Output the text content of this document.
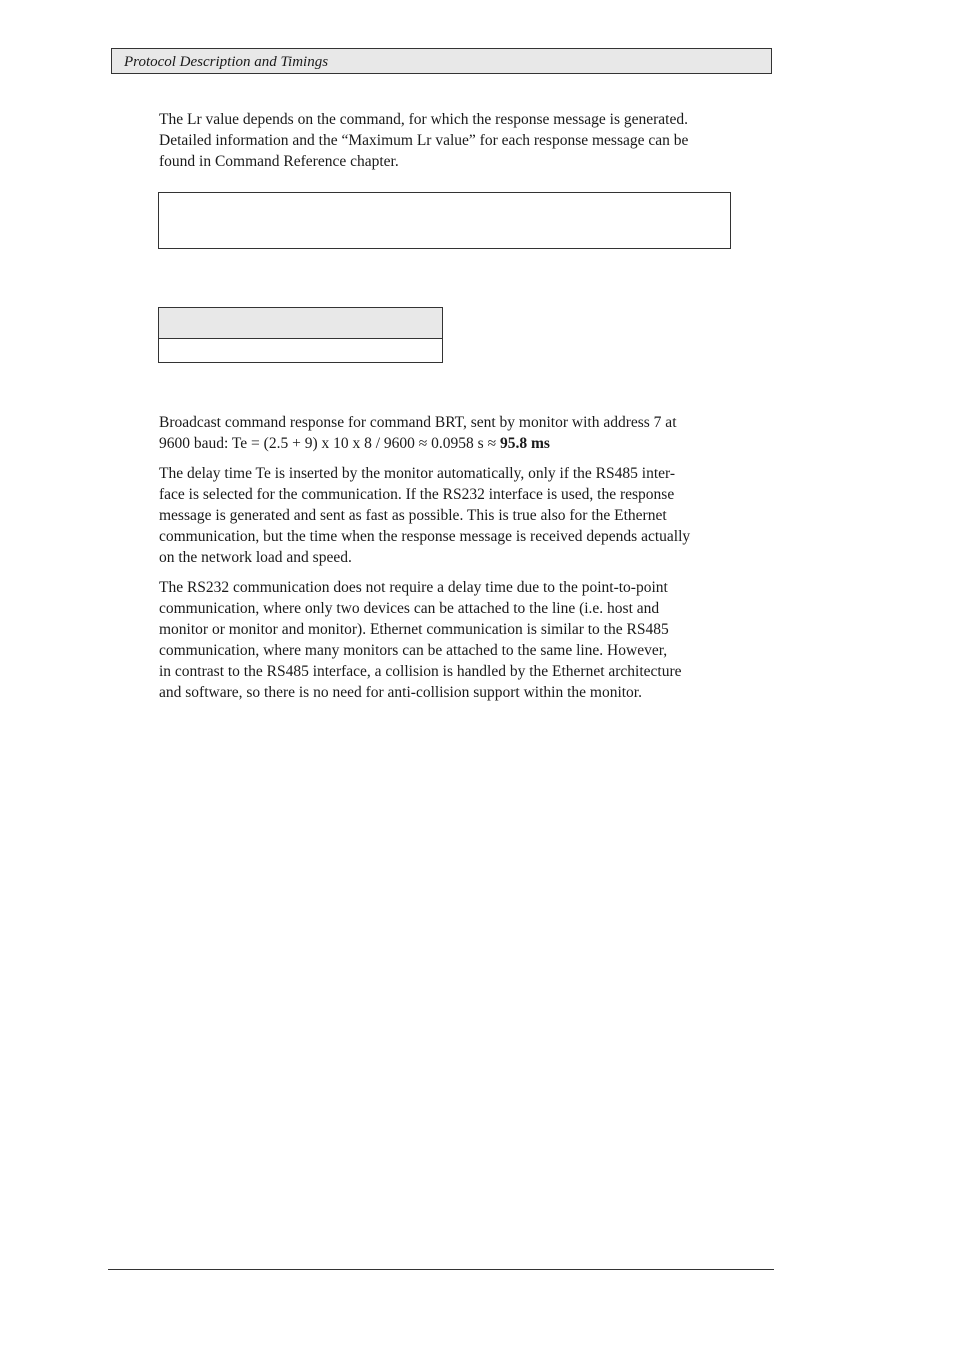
Protocol Description and Timings

The Lr value depends on the command, for which the response message is generated.
Detailed information and the “Maximum Lr value” for each response message can be
found in Command Reference chapter.

Broadcast command response for command BRT, sent by monitor with address 7 at
9600 baud: Te = (2.5 + 9) x 10 x 8 / 9600 ≈ 0.0958 s ≈ 95.8 ms

The delay time Te is inserted by the monitor automatically, only if the RS485 inter-
face is selected for the communication. If the RS232 interface is used, the response
message is generated and sent as fast as possible. This is true also for the Ethernet
communication, but the time when the response message is received depends actually
on the network load and speed.

The RS232 communication does not require a delay time due to the point-to-point
communication, where only two devices can be attached to the line (i.e. host and
monitor or monitor and monitor). Ethernet communication is similar to the RS485
communication, where many monitors can be attached to the same line. However,
in contrast to the RS485 interface, a collision is handled by the Ethernet architecture
and software, so there is no need for anti-collision support within the monitor.
